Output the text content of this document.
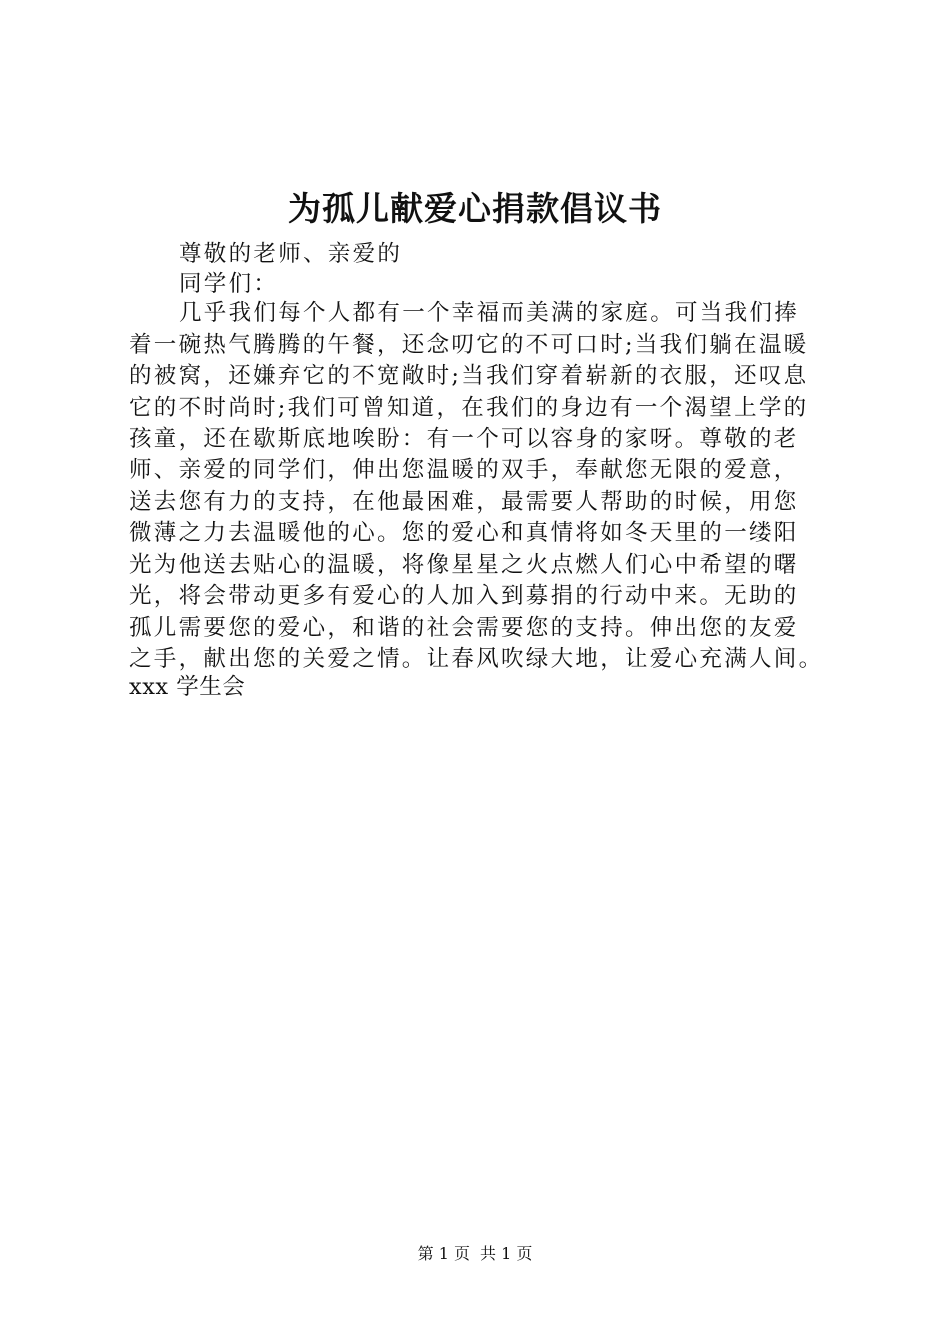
为孤儿献爱心捐款倡议书
尊敬的老师、亲爱的
同学们：
几乎我们每个人都有一个幸福而美满的家庭。可当我们捧
着一碗热气腾腾的午餐，还念叨它的不可口时;当我们躺在温暖
的被窝，还嫌弃它的不宽敞时;当我们穿着崭新的衣服，还叹息
它的不时尚时;我们可曾知道，在我们的身边有一个渴望上学的
孩童，还在歇斯底地唉盼：有一个可以容身的家呀。尊敬的老
师、亲爱的同学们，伸出您温暖的双手，奉献您无限的爱意，
送去您有力的支持，在他最困难，最需要人帮助的时候，用您
微薄之力去温暖他的心。您的爱心和真情将如冬天里的一缕阳
光为他送去贴心的温暖，将像星星之火点燃人们心中希望的曙
光，将会带动更多有爱心的人加入到募捐的行动中来。无助的
孤儿需要您的爱心，和谐的社会需要您的支持。伸出您的友爱
之手，献出您的关爱之情。让春风吹绿大地，让爱心充满人间。
xxx 学生会
第 1 页 共 1 页
